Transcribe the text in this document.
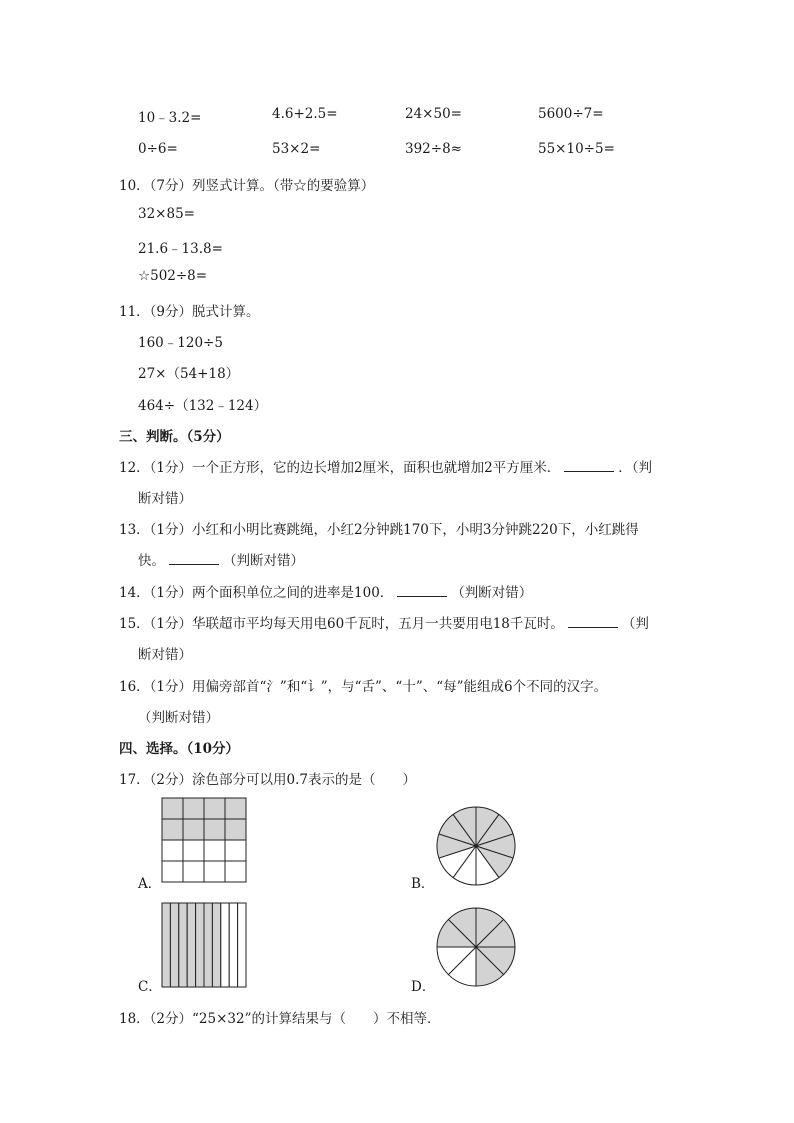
10﹣3.2=	4.6+2.5=	24×50=	5600÷7=
0÷6=	53×2=	392÷8≈	55×10÷5=
10．（7分）列竖式计算。（带☆的要验算）
32×85=
21.6﹣13.8=
☆502÷8=
11．（9分）脱式计算。
160﹣120÷5
27×（54+18）
464÷（132﹣124）
三、判断。（5分）
12．（1分）一个正方形，它的边长增加2厘米，面积也就增加2平方厘米．	．（判
断对错）
13．（1分）小红和小明比赛跳绳，小红2分钟跳170下，小明3分钟跳220下，小红跳得
快。	（判断对错）
14．（1分）两个面积单位之间的进率是100．	（判断对错）
15．（1分）华联超市平均每天用电60千瓦时，五月一共要用电18千瓦时。	（判
断对错）
16．（1分）用偏旁部首“氵”和“讠”，与“舌”、“十”、“每”能组成6个不同的汉字。
（判断对错）
四、选择。（10分）
17．（2分）涂色部分可以用0.7表示的是（　　）
A．	B．
C．	D．
18．（2分）“25×32”的计算结果与（　　）不相等．
